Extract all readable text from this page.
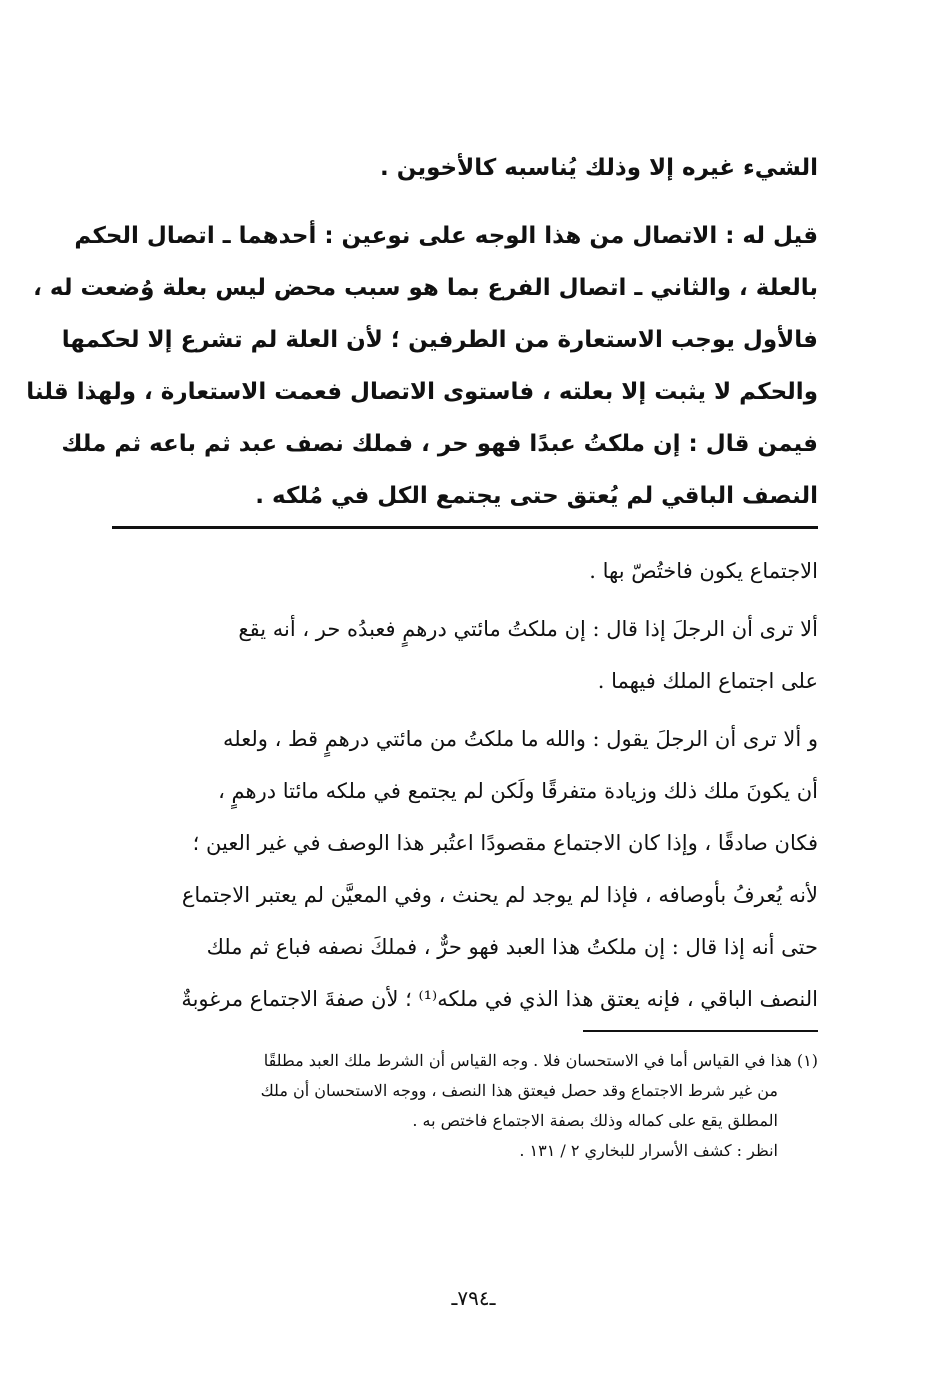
الشيء غيره إلا وذلك يُناسبه كالأخوين .
قيل له : الاتصال من هذا الوجه على نوعين : أحدهما ـ اتصال الحكم
بالعلة ، والثاني ـ اتصال الفرع بما هو سبب محض ليس بعلة وُضعت له ،
فالأول يوجب الاستعارة من الطرفين ؛ لأن العلة لم تشرع إلا لحكمها
والحكم لا يثبت إلا بعلته ، فاستوى الاتصال فعمت الاستعارة ، ولهذا قلنا
فيمن قال : إن ملكتُ عبدًا فهو حر ، فملك نصف عبد ثم باعه ثم ملك
النصف الباقي لم يُعتق حتى يجتمع الكل في مُلكه .
الاجتماع يكون فاختُصّ بها .
ألا ترى أن الرجلَ إذا قال : إن ملكتُ مائتي درهمٍ فعبدُه حر ، أنه يقع
على اجتماع الملك فيهما .
و ألا ترى أن الرجلَ يقول : والله ما ملكتُ من مائتي درهمٍ قط ، ولعله
أن يكونَ ملك ذلك وزيادة متفرقًا ولَكن لم يجتمع في ملكه مائتا درهمٍ ،
فكان صادقًا ، وإذا كان الاجتماع مقصودًا اعتُبر هذا الوصف في غير العين ؛
لأنه يُعرفُ بأوصافه ، فإذا لم يوجد لم يحنث ، وفي المعيَّن لم يعتبر الاجتماع
حتى أنه إذا قال : إن ملكتُ هذا العبد فهو حرٌّ ، فملكَ نصفه فباع ثم ملك
النصف الباقي ، فإنه يعتق هذا الذي في ملكه⁽¹⁾ ؛ لأن صفةَ الاجتماع مرغوبةٌ
(١) هذا في القياس أما في الاستحسان فلا . وجه القياس أن الشرط ملك العبد مطلقًا
من غير شرط الاجتماع وقد حصل فيعتق هذا النصف ، ووجه الاستحسان أن ملك
المطلق يقع على كماله وذلك بصفة الاجتماع فاختص به .
انظر : كشف الأسرار للبخاري ٢ / ١٣١ .
ـ٧٩٤ـ
